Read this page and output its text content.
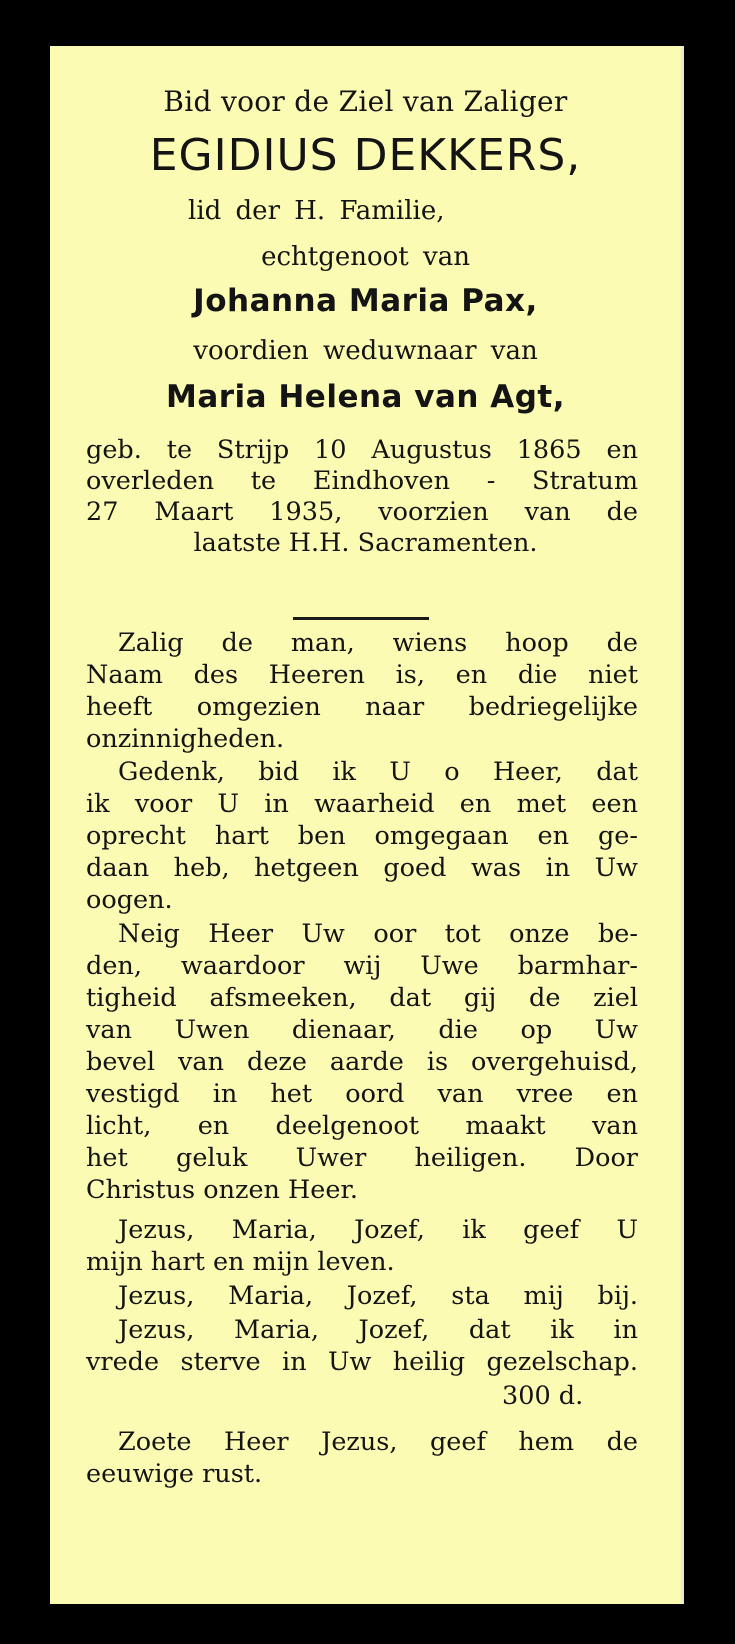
Bid voor de Ziel van Zaliger

EGIDIUS DEKKERS,

lid der H. Familie,

echtgenoot van

Johanna Maria Pax,

voordien weduwnaar van

Maria Helena van Agt,

geb. te Strijp 10 Augustus 1865 en

overleden te Eindhoven - Stratum

27 Maart 1935, voorzien van de

laatste H.H. Sacramenten.

Zalig de man, wiens hoop de

Naam des Heeren is, en die niet

heeft omgezien naar bedriegelijke

onzinnigheden.

Gedenk, bid ik U o Heer, dat

ik voor U in waarheid en met een

oprecht hart ben omgegaan en ge-

daan heb, hetgeen goed was in Uw

oogen.

Neig Heer Uw oor tot onze be-

den, waardoor wij Uwe barmhar-

tigheid afsmeeken, dat gij de ziel

van Uwen dienaar, die op Uw

bevel van deze aarde is overgehuisd,

vestigd in het oord van vree en

licht, en deelgenoot maakt van

het geluk Uwer heiligen. Door

Christus onzen Heer.

Jezus, Maria, Jozef, ik geef U

mijn hart en mijn leven.

Jezus, Maria, Jozef, sta mij bij.

Jezus, Maria, Jozef, dat ik in

vrede sterve in Uw heilig gezelschap.

300 d.

Zoete Heer Jezus, geef hem de

eeuwige rust.
